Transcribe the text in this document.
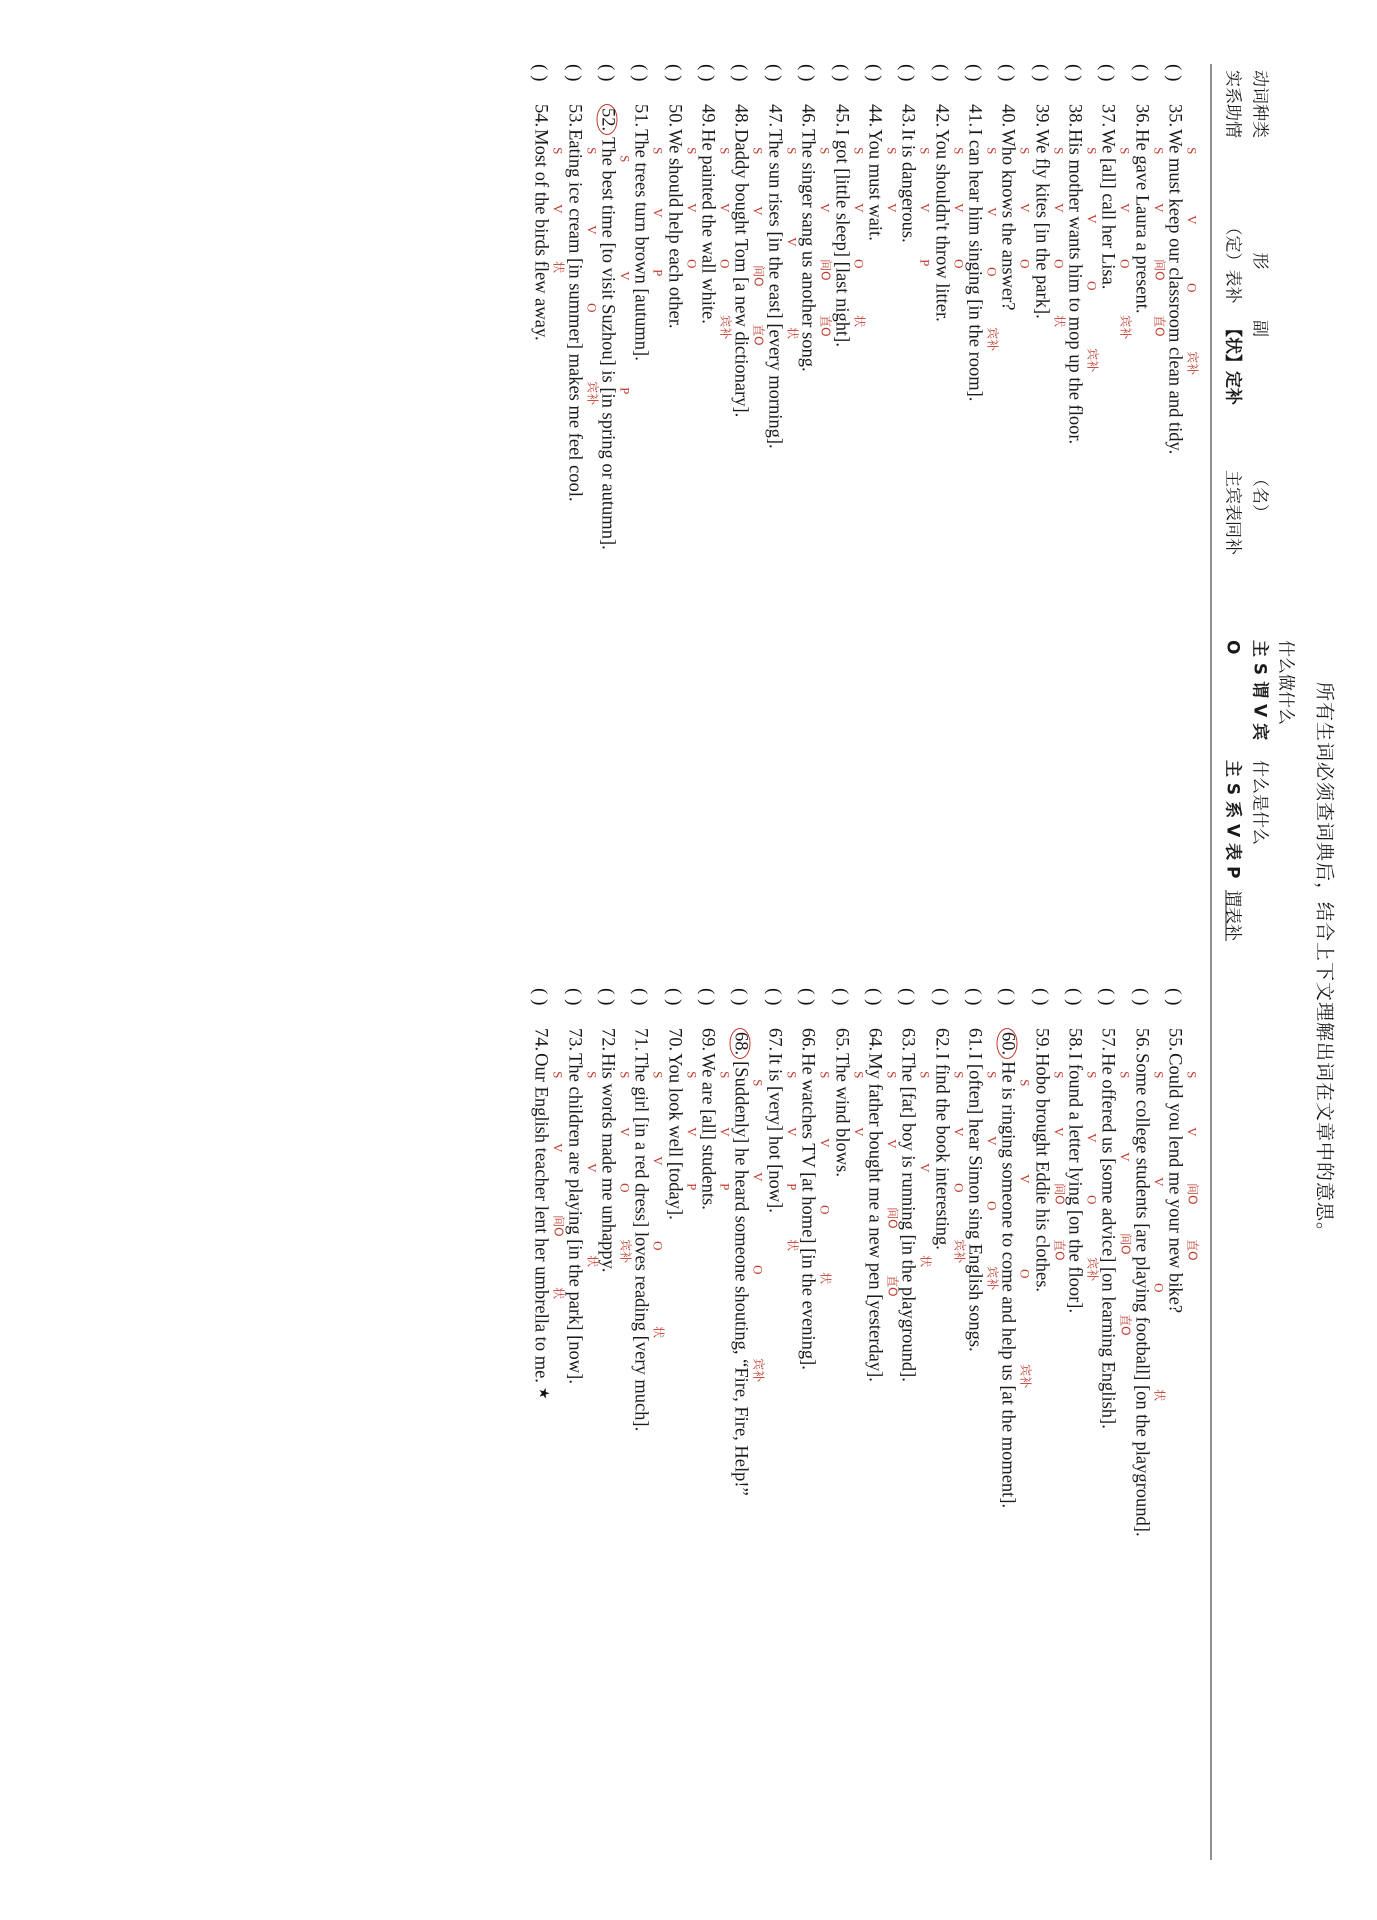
所有生词必须查词典后，结合上下文理解出词在文章中的意思。
动词种类
实系助情
形
（定）表补
副
【状】定补
（名）
主宾表同补
什么做什么
主 S 谓 V 宾 O
什么是什么
主 S 系 V 表 P
谓表补
( )
35.
We must keep our classroom clean and tidy. S
V
O
宾补
( )
36.
He gave Laura a present. S
V
间O
直O
( )
37.
We [all] call her Lisa. S
V
O
宾补
( )
38.
His mother wants him to mop up the floor. S
V
O
宾补
( )
39.
We fly kites [in the park]. S
V
O
状
( )
40.
Who knows the answer? S
V
O
( )
41.
I can hear him singing [in the room]. S
V
O
宾补
( )
42.
You shouldn't throw litter. S
V
O
( )
43.
It is dangerous. S
V
P
( )
44.
You must wait. S
V
( )
45.
I got [little sleep] [last night]. S
V
O
状
( )
46.
The singer sang us another song. S
V
间O
直O
( )
47.
The sun rises [in the east] [every morning]. S
V
状
( )
48.
Daddy bought Tom [a new dictionary]. S
V
间O
直O
( )
49.
He painted the wall white. S
V
O
宾补
( )
50.
We should help each other. S
V
O
( )
51.
The trees turn brown [autumn]. S
V
P
( )
52.
The best time [to visit Suzhou] is [in spring or autumn]. S
V
P
( )
53.
Eating ice cream [in summer] makes me feel cool. S
V
O
宾补
( )
54.
Most of the birds flew away. S
V
状
( )
55.
Could you lend me your new bike? S
V
间O
直O
( )
56.
Some college students [are playing football] [on the playground]. S
V
O
状
( )
57.
He offered us [some advice] [on learning English]. S
V
间O
直O
( )
58.
I found a letter lying [on the floor]. S
V
O
宾补
( )
59.
Hobo brought Eddie his clothes. S
V
间O
直O
( )
60.
He is ringing someone to come and help us [at the moment]. S
V
O
宾补
( )
61.
I [often] hear Simon sing English songs. S
V
O
宾补
( )
62.
I find the book interesting. S
V
O
宾补
( )
63.
The [fat] boy is running [in the playground]. S
V
状
( )
64.
My father bought me a new pen [yesterday]. S
V
间O
直O
( )
65.
The wind blows. S
V
( )
66.
He watches TV [at home] [in the evening]. S
V
O
状
( )
67.
It is [very] hot [now]. S
V
P
状
( )
68.
[Suddenly] he heard someone shouting, “Fire, Fire, Help!” S
V
O
宾补
( )
69.
We are [all] students. S
V
P
( )
70.
You look well [today]. S
V
P
( )
71.
The girl [in a red dress] loves reading [very much]. S
V
O
状
( )
72.
His words made me unhappy. S
V
O
宾补
( )
73.
The children are playing [in the park] [now]. S
V
状
( )
74.
Our English teacher lent her umbrella to me. S
V
间O
状
★
